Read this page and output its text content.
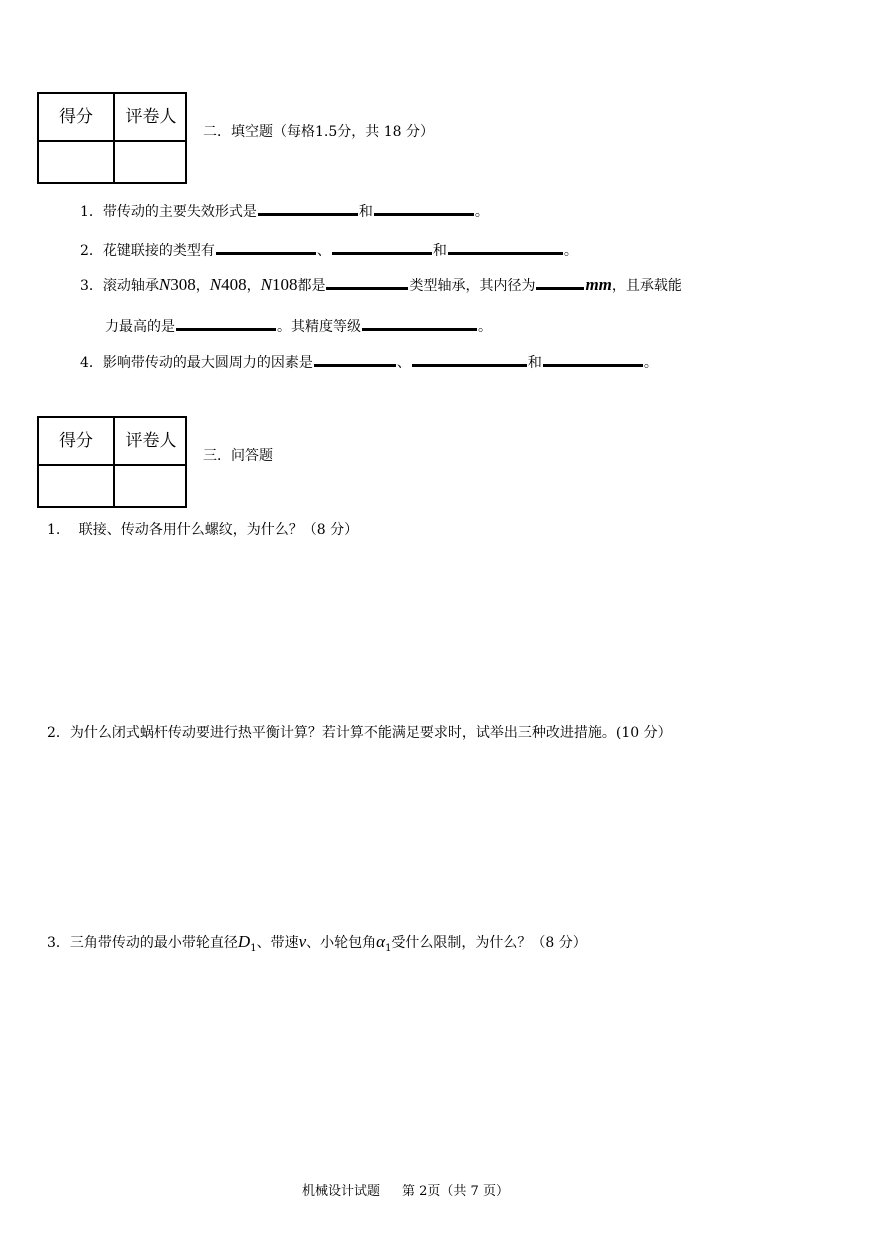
得分	评卷人
二．填空题（每格1.5分，共 18 分）
1．带传动的主要失效形式是	和	。
2．花键联接的类型有	、	和	。
3．滚动轴承N308，N408，N108都是	类型轴承，其内径为	mm，且承载能
力最高的是	。其精度等级	。
4．影响带传动的最大圆周力的因素是	、	和	。
得分	评卷人
三．问答题
1.　 联接、传动各用什么螺纹，为什么？（8 分）
2．为什么闭式蜗杆传动要进行热平衡计算？若计算不能满足要求时，试举出三种改进措施。(10 分）
3．三角带传动的最小带轮直径$D_1$、带速v、小轮包角$\alpha_1$受什么限制，为什么？（8 分）
机械设计试题 第 2页（共 7 页）
